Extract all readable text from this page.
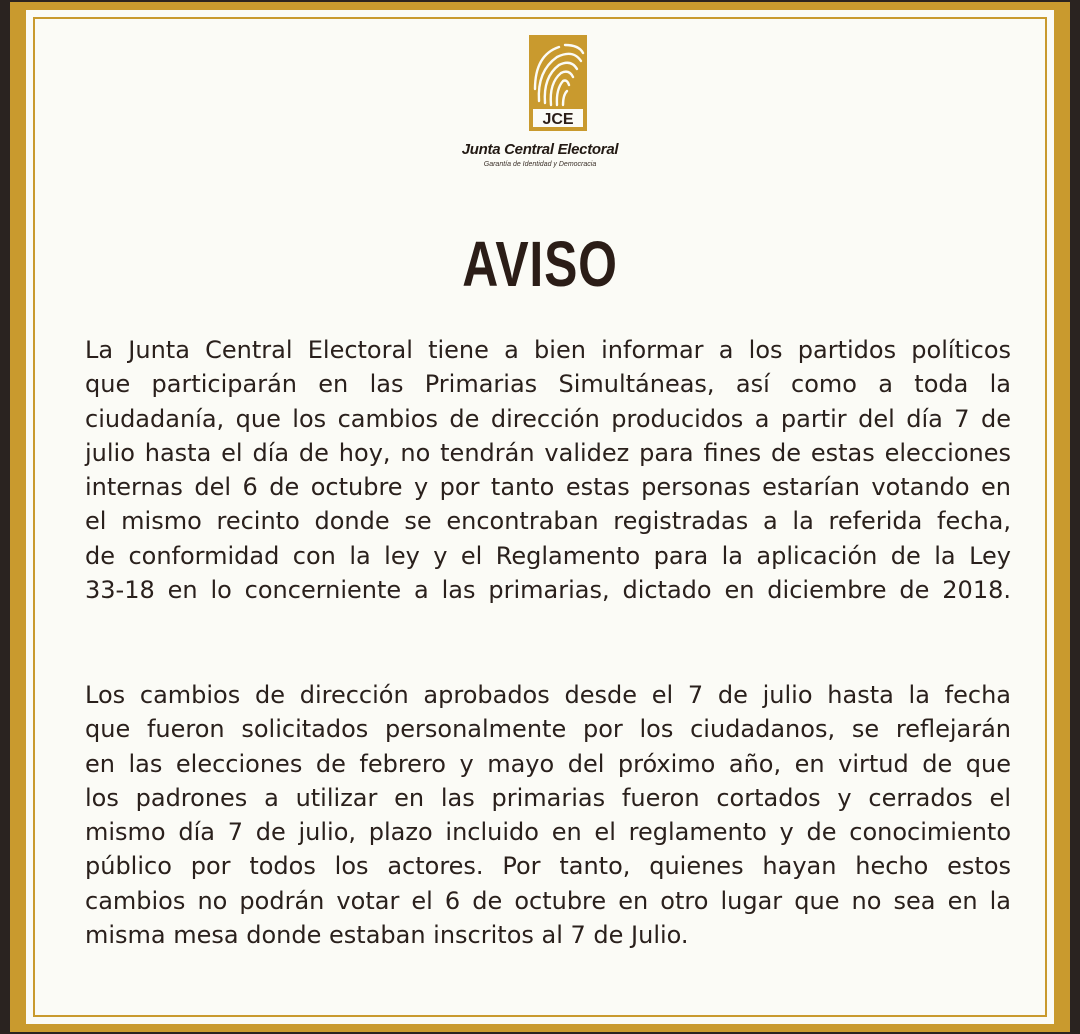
JCE
Junta Central Electoral
Garantía de Identidad y Democracia
AVISO
La Junta Central Electoral tiene a bien informar a los partidos políticos
que participarán en las Primarias Simultáneas, así como a toda la
ciudadanía, que los cambios de dirección producidos a partir del día 7 de
julio hasta el día de hoy, no tendrán validez para fines de estas elecciones
internas del 6 de octubre y por tanto estas personas estarían votando en
el mismo recinto donde se encontraban registradas a la referida fecha,
de conformidad con la ley y el Reglamento para la aplicación de la Ley
33-18 en lo concerniente a las primarias, dictado en diciembre de 2018.
Los cambios de dirección aprobados desde el 7 de julio hasta la fecha
que fueron solicitados personalmente por los ciudadanos, se reflejarán
en las elecciones de febrero y mayo del próximo año, en virtud de que
los padrones a utilizar en las primarias fueron cortados y cerrados el
mismo día 7 de julio, plazo incluido en el reglamento y de conocimiento
público por todos los actores. Por tanto, quienes hayan hecho estos
cambios no podrán votar el 6 de octubre en otro lugar que no sea en la
misma mesa donde estaban inscritos al 7 de Julio.
